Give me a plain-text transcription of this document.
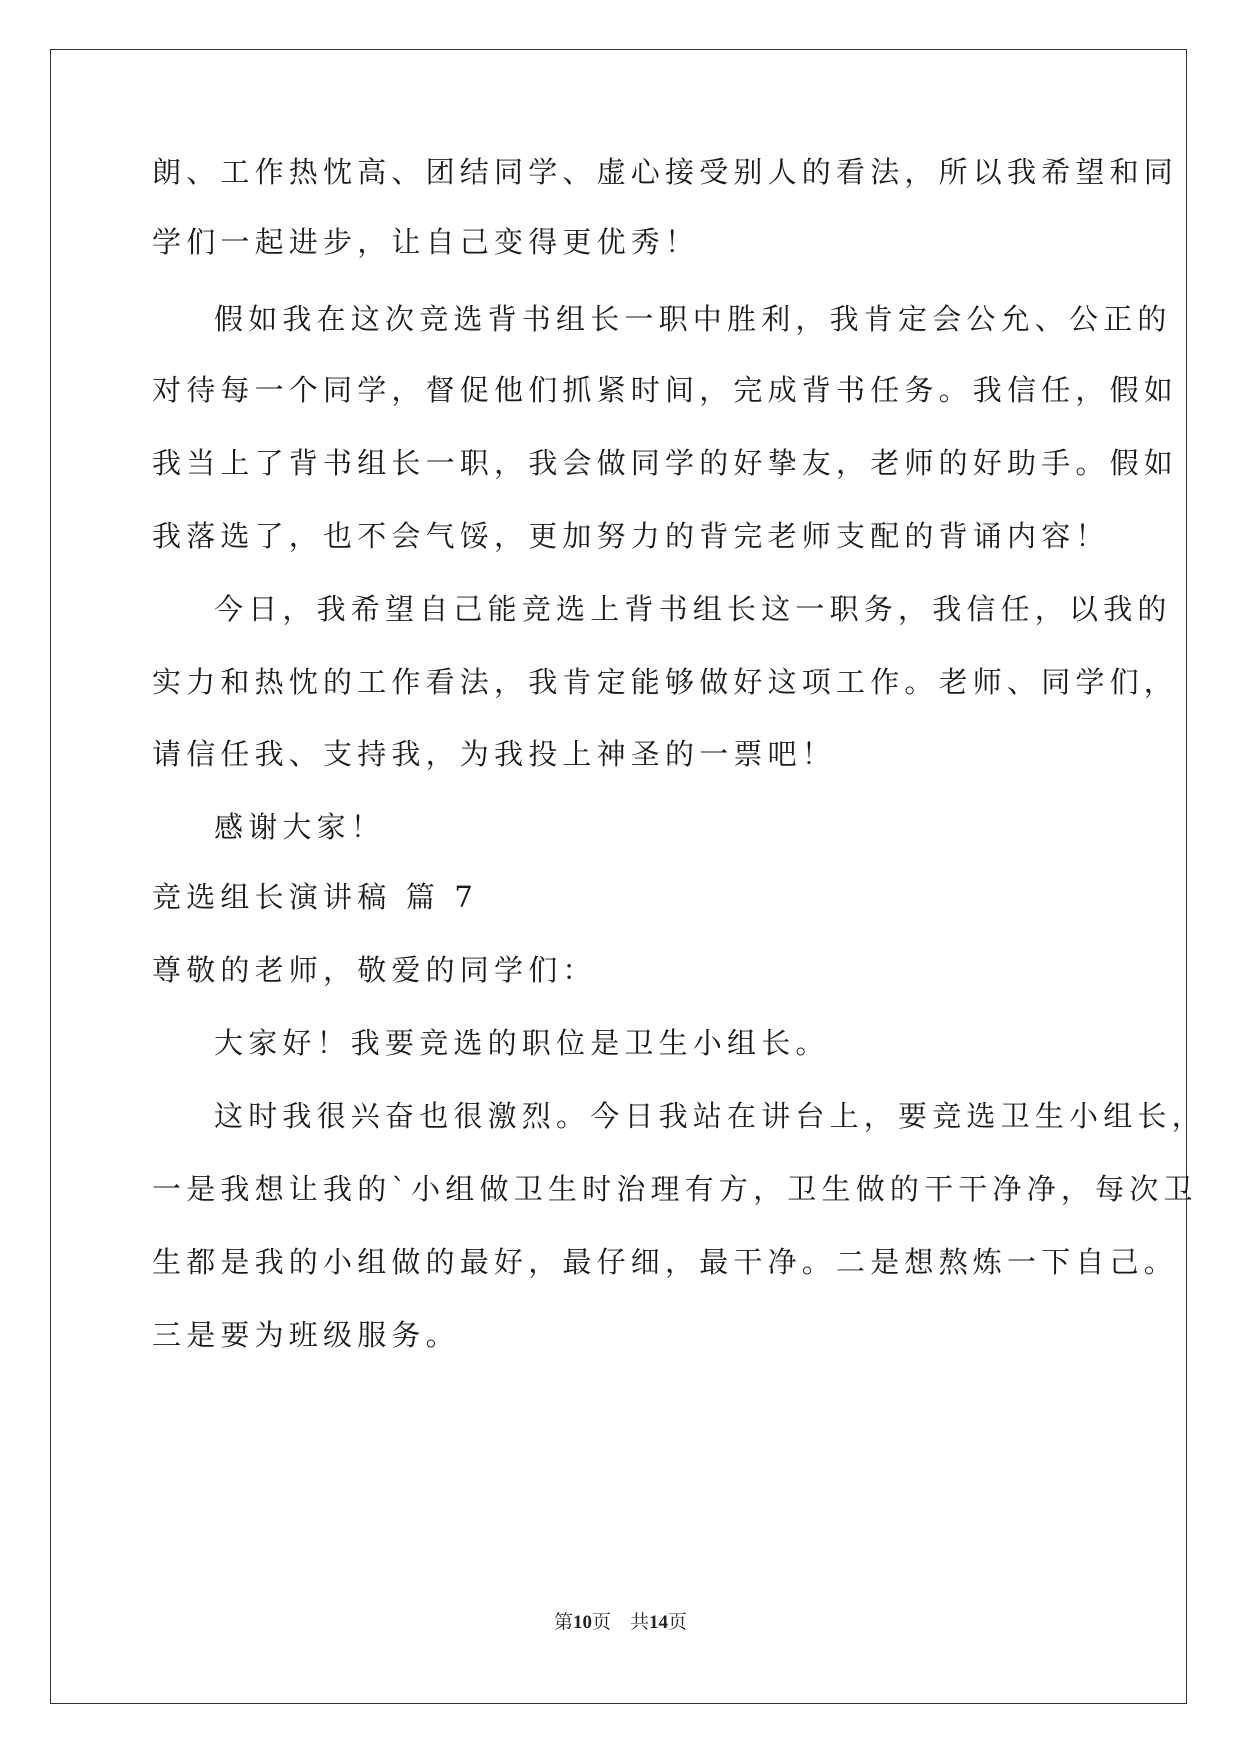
朗、工作热忱高、团结同学、虚心接受别人的看法，所以我希望和同
学们一起进步，让自己变得更优秀！
假如我在这次竞选背书组长一职中胜利，我肯定会公允、公正的
对待每一个同学，督促他们抓紧时间，完成背书任务。我信任，假如
我当上了背书组长一职，我会做同学的好挚友，老师的好助手。假如
我落选了，也不会气馁，更加努力的背完老师支配的背诵内容！
今日，我希望自己能竞选上背书组长这一职务，我信任，以我的
实力和热忱的工作看法，我肯定能够做好这项工作。老师、同学们，
请信任我、支持我，为我投上神圣的一票吧！
感谢大家！
竞选组长演讲稿 篇 7
尊敬的老师，敬爱的同学们：
大家好！我要竞选的职位是卫生小组长。
这时我很兴奋也很激烈。今日我站在讲台上，要竞选卫生小组长，
一是我想让我的`小组做卫生时治理有方，卫生做的干干净净，每次卫
生都是我的小组做的最好，最仔细，最干净。二是想熬炼一下自己。
三是要为班级服务。
第10页　共14页
